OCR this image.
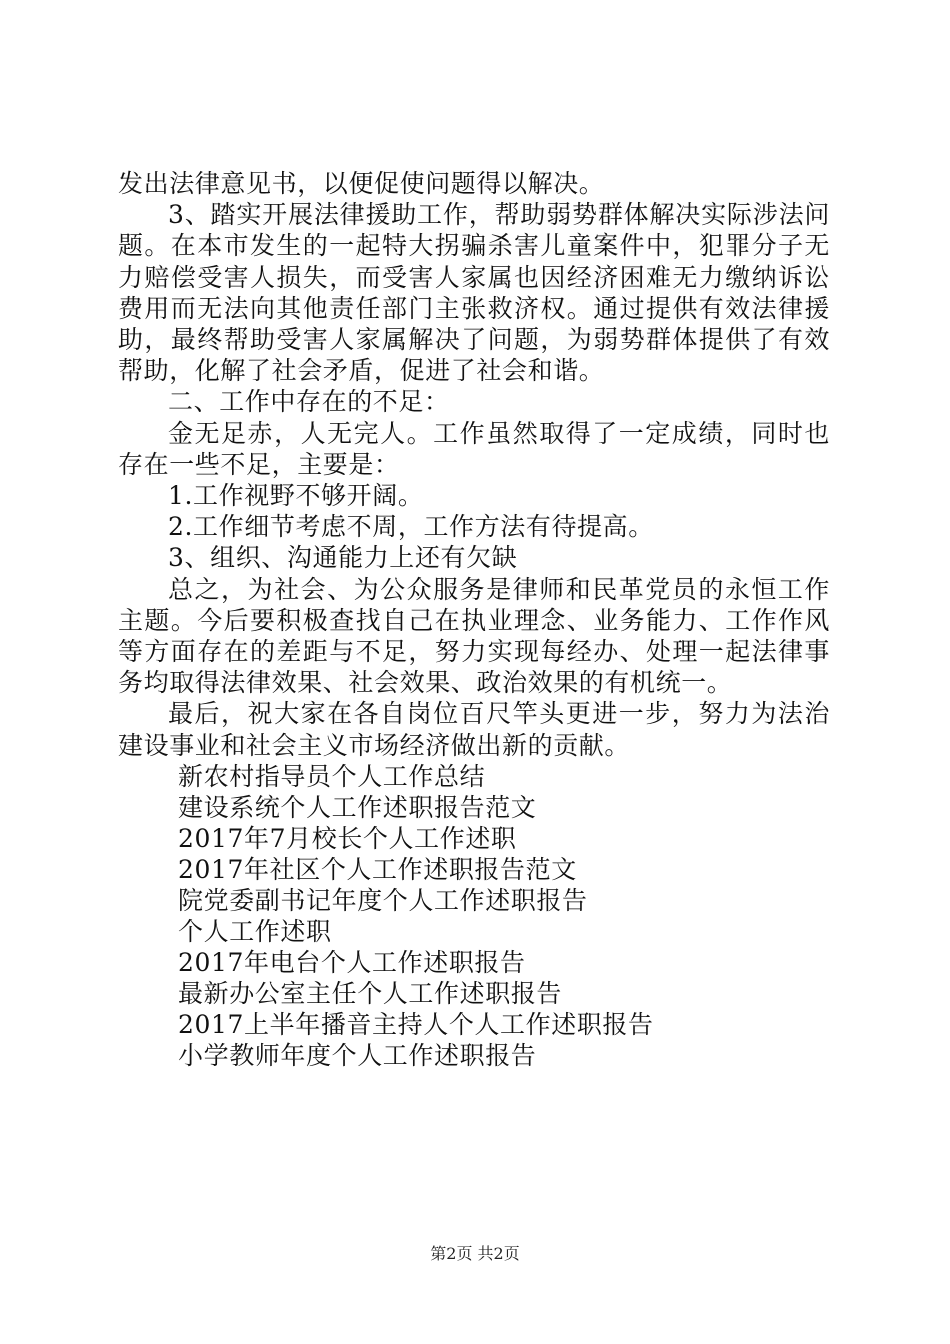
发出法律意见书，以便促使问题得以解决。

3、踏实开展法律援助工作，帮助弱势群体解决实际涉法问题。在本市发生的一起特大拐骗杀害儿童案件中，犯罪分子无力赔偿受害人损失，而受害人家属也因经济困难无力缴纳诉讼费用而无法向其他责任部门主张救济权。通过提供有效法律援助，最终帮助受害人家属解决了问题，为弱势群体提供了有效帮助，化解了社会矛盾，促进了社会和谐。

二、工作中存在的不足：

金无足赤，人无完人。工作虽然取得了一定成绩，同时也存在一些不足，主要是：

1.工作视野不够开阔。

2.工作细节考虑不周，工作方法有待提高。

3、组织、沟通能力上还有欠缺

总之，为社会、为公众服务是律师和民革党员的永恒工作主题。今后要积极查找自己在执业理念、业务能力、工作作风等方面存在的差距与不足，努力实现每经办、处理一起法律事务均取得法律效果、社会效果、政治效果的有机统一。

最后，祝大家在各自岗位百尺竿头更进一步，努力为法治建设事业和社会主义市场经济做出新的贡献。

新农村指导员个人工作总结
建设系统个人工作述职报告范文
2017年7月校长个人工作述职
2017年社区个人工作述职报告范文
院党委副书记年度个人工作述职报告
个人工作述职
2017年电台个人工作述职报告
最新办公室主任个人工作述职报告
2017上半年播音主持人个人工作述职报告
小学教师年度个人工作述职报告
第2页 共2页
